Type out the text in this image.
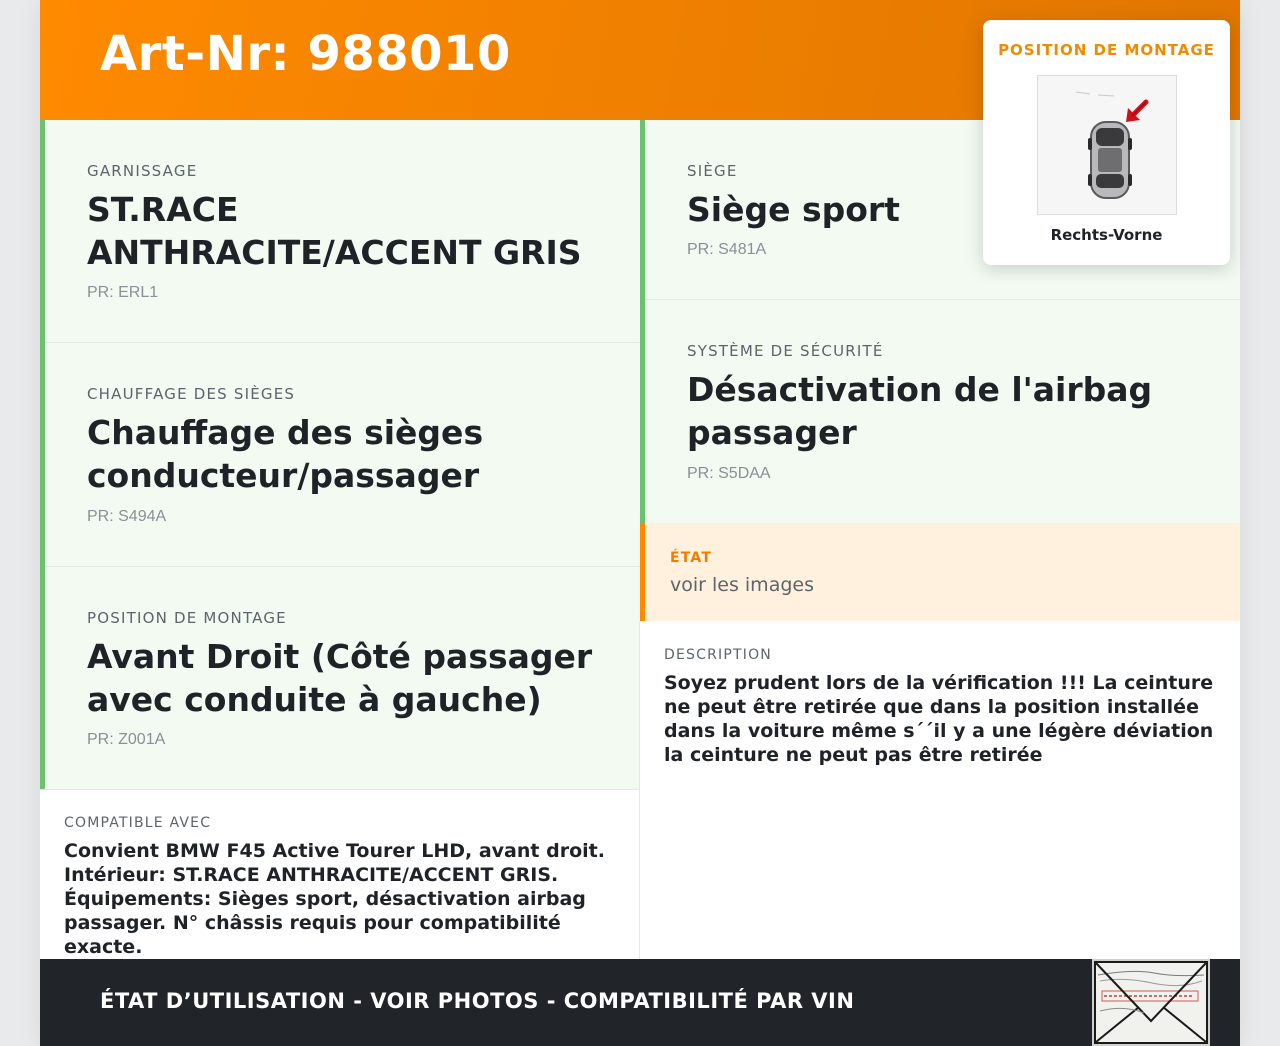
Art-Nr: 988010
GARNISSAGE
ST.RACE ANTHRACITE/ACCENT GRIS
PR: ERL1
CHAUFFAGE DES SIÈGES
Chauffage des sièges conducteur/passager
PR: S494A
POSITION DE MONTAGE
Avant Droit (Côté passager avec conduite à gauche)
PR: Z001A
SIÈGE
Siège sport
PR: S481A
SYSTÈME DE SÉCURITÉ
Désactivation de l'airbag passager
PR: S5DAA
ÉTAT
voir les images
DESCRIPTION
Soyez prudent lors de la vérification !!! La ceinture ne peut être retirée que dans la position installée dans la voiture même s´´il y a une légère déviation la ceinture ne peut pas être retirée
COMPATIBLE AVEC
Convient BMW F45 Active Tourer LHD, avant droit. Intérieur: ST.RACE ANTHRACITE/ACCENT GRIS. Équipements: Sièges sport, désactivation airbag passager. N° châssis requis pour compatibilité exacte.
ÉTAT D’UTILISATION - VOIR PHOTOS - COMPATIBILITÉ PAR VIN
POSITION DE MONTAGE
Rechts-Vorne
